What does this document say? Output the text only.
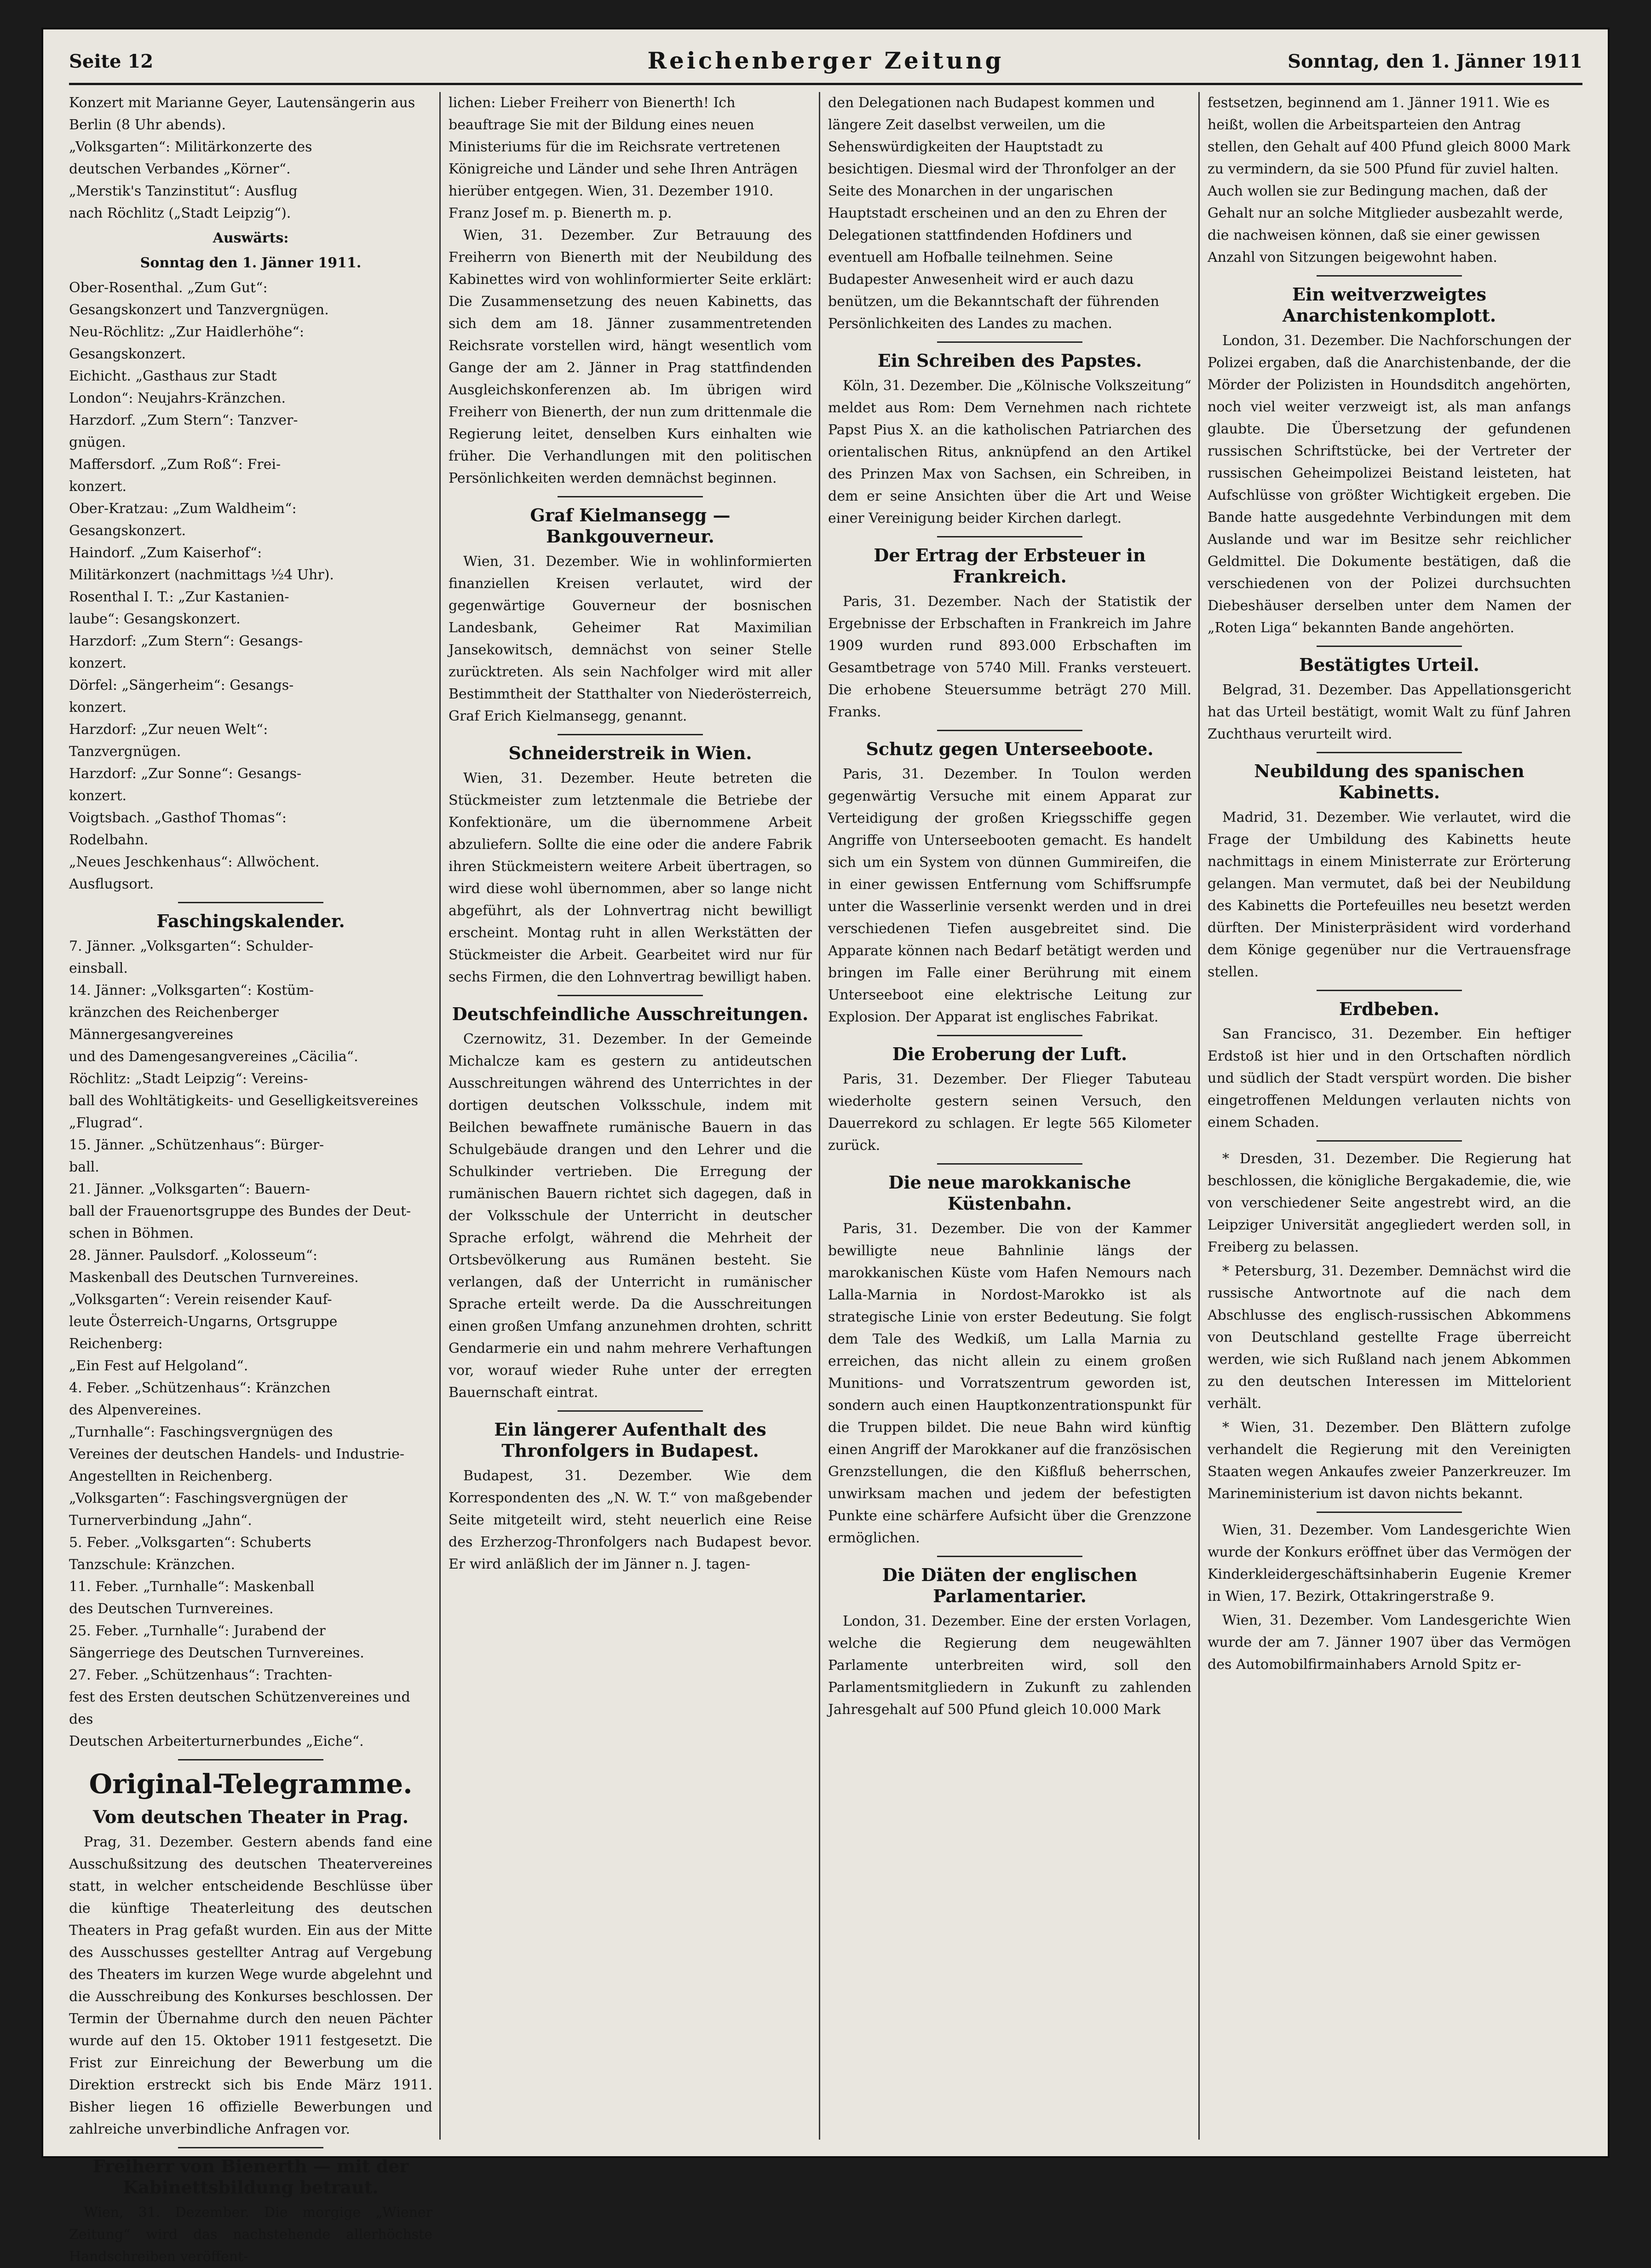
Seite 12	Reichenberger Zeitung	Sonntag, den 1. Jänner 1911

Konzert mit Marianne Geyer, Lautensängerin aus

Berlin (8 Uhr abends).

„Volksgarten“: Militärkonzerte des

deutschen Verbandes „Körner“.

„Merstik's Tanzinstitut“: Ausflug

nach Röchlitz („Stadt Leipzig“).

Auswärts:

Sonntag den 1. Jänner 1911.

Ober-Rosenthal. „Zum Gut“:

Gesangskonzert und Tanzvergnügen.

Neu-Röchlitz: „Zur Haidlerhöhe“:

Gesangskonzert.

Eichicht. „Gasthaus zur Stadt

London“: Neujahrs-Kränzchen.

Harzdorf. „Zum Stern“: Tanzver-

gnügen.

Maffersdorf. „Zum Roß“: Frei-

konzert.

Ober-Kratzau: „Zum Waldheim“:

Gesangskonzert.

Haindorf. „Zum Kaiserhof“:

Militärkonzert (nachmittags ½4 Uhr).

Rosenthal I. T.: „Zur Kastanien-

laube“: Gesangskonzert.

Harzdorf: „Zum Stern“: Gesangs-

konzert.

Dörfel: „Sängerheim“: Gesangs-

konzert.

Harzdorf: „Zur neuen Welt“:

Tanzvergnügen.

Harzdorf: „Zur Sonne“: Gesangs-

konzert.

Voigtsbach. „Gasthof Thomas“:

Rodelbahn.

„Neues Jeschkenhaus“: Allwöchent.

Ausflugsort.

Faschingskalender.

7. Jänner. „Volksgarten“: Schulder-

einsball.

14. Jänner: „Volksgarten“: Kostüm-

kränzchen des Reichenberger Männergesangvereines

und des Damengesangvereines „Cäcilia“.

Röchlitz: „Stadt Leipzig“: Vereins-

ball des Wohltätigkeits- und Geselligkeitsvereines

„Flugrad“.

15. Jänner. „Schützenhaus“: Bürger-

ball.

21. Jänner. „Volksgarten“: Bauern-

ball der Frauenortsgruppe des Bundes der Deut-

schen in Böhmen.

28. Jänner. Paulsdorf. „Kolosseum“:

Maskenball des Deutschen Turnvereines.

„Volksgarten“: Verein reisender Kauf-

leute Österreich-Ungarns, Ortsgruppe Reichenberg:

„Ein Fest auf Helgoland“.

4. Feber. „Schützenhaus“: Kränzchen

des Alpenvereines.

„Turnhalle“: Faschingsvergnügen des

Vereines der deutschen Handels- und Industrie-

Angestellten in Reichenberg.

„Volksgarten“: Faschingsvergnügen der

Turnerverbindung „Jahn“.

5. Feber. „Volksgarten“: Schuberts

Tanzschule: Kränzchen.

11. Feber. „Turnhalle“: Maskenball

des Deutschen Turnvereines.

25. Feber. „Turnhalle“: Jurabend der

Sängerriege des Deutschen Turnvereines.

27. Feber. „Schützenhaus“: Trachten-

fest des Ersten deutschen Schützenvereines und des

Deutschen Arbeiterturnerbundes „Eiche“.

Original-Telegramme.
Vom deutschen Theater in Prag.

Prag, 31. Dezember. Gestern abends fand eine Ausschußsitzung des deutschen Theatervereines statt, in welcher entscheidende Beschlüsse über die künftige Theaterleitung des deutschen Theaters in Prag gefaßt wurden. Ein aus der Mitte des Ausschusses gestellter Antrag auf Vergebung des Theaters im kurzen Wege wurde abgelehnt und die Ausschreibung des Konkurses beschlossen. Der Termin der Übernahme durch den neuen Pächter wurde auf den 15. Oktober 1911 festgesetzt. Die Frist zur Einreichung der Bewerbung um die Direktion erstreckt sich bis Ende März 1911. Bisher liegen 16 offizielle Bewerbungen und zahlreiche unverbindliche Anfragen vor.

Freiherr von Bienerth — mit der Kabinettsbildung betraut.

Wien, 31. Dezember. Die morgige „Wiener Zeitung“ wird das nachstehende allerhöchste Handschreiben veröffent-

lichen: Lieber Freiherr von Bienerth! Ich beauftrage Sie mit der Bildung eines neuen Ministeriums für die im Reichsrate vertretenen Königreiche und Länder und sehe Ihren Anträgen hierüber entgegen. Wien, 31. Dezember 1910. Franz Josef m. p. Bienerth m. p.

Wien, 31. Dezember. Zur Betrauung des Freiherrn von Bienerth mit der Neubildung des Kabinettes wird von wohlinformierter Seite erklärt: Die Zusammensetzung des neuen Kabinetts, das sich dem am 18. Jänner zusammentretenden Reichsrate vorstellen wird, hängt wesentlich vom Gange der am 2. Jänner in Prag stattfindenden Ausgleichskonferenzen ab. Im übrigen wird Freiherr von Bienerth, der nun zum drittenmale die Regierung leitet, denselben Kurs einhalten wie früher. Die Verhandlungen mit den politischen Persönlichkeiten werden demnächst beginnen.

Graf Kielmansegg — Bankgouverneur.

Wien, 31. Dezember. Wie in wohlinformierten finanziellen Kreisen verlautet, wird der gegenwärtige Gouverneur der bosnischen Landesbank, Geheimer Rat Maximilian Jansekowitsch, demnächst von seiner Stelle zurücktreten. Als sein Nachfolger wird mit aller Bestimmtheit der Statthalter von Niederösterreich, Graf Erich Kielmansegg, genannt.

Schneiderstreik in Wien.

Wien, 31. Dezember. Heute betreten die Stückmeister zum letztenmale die Betriebe der Konfektionäre, um die übernommene Arbeit abzuliefern. Sollte die eine oder die andere Fabrik ihren Stückmeistern weitere Arbeit übertragen, so wird diese wohl übernommen, aber so lange nicht abgeführt, als der Lohnvertrag nicht bewilligt erscheint. Montag ruht in allen Werkstätten der Stückmeister die Arbeit. Gearbeitet wird nur für sechs Firmen, die den Lohnvertrag bewilligt haben.

Deutschfeindliche Ausschreitungen.

Czernowitz, 31. Dezember. In der Gemeinde Michalcze kam es gestern zu antideutschen Ausschreitungen während des Unterrichtes in der dortigen deutschen Volksschule, indem mit Beilchen bewaffnete rumänische Bauern in das Schulgebäude drangen und den Lehrer und die Schulkinder vertrieben. Die Erregung der rumänischen Bauern richtet sich dagegen, daß in der Volksschule der Unterricht in deutscher Sprache erfolgt, während die Mehrheit der Ortsbevölkerung aus Rumänen besteht. Sie verlangen, daß der Unterricht in rumänischer Sprache erteilt werde. Da die Ausschreitungen einen großen Umfang anzunehmen drohten, schritt Gendarmerie ein und nahm mehrere Verhaftungen vor, worauf wieder Ruhe unter der erregten Bauernschaft eintrat.

Ein längerer Aufenthalt des Thronfolgers in Budapest.

Budapest, 31. Dezember. Wie dem Korrespondenten des „N. W. T.“ von maßgebender Seite mitgeteilt wird, steht neuerlich eine Reise des Erzherzog-Thronfolgers nach Budapest bevor. Er wird anläßlich der im Jänner n. J. tagen-

den Delegationen nach Budapest kommen und längere Zeit daselbst verweilen, um die Sehenswürdigkeiten der Hauptstadt zu besichtigen. Diesmal wird der Thronfolger an der Seite des Monarchen in der ungarischen Hauptstadt erscheinen und an den zu Ehren der Delegationen stattfindenden Hofdiners und eventuell am Hofballe teilnehmen. Seine Budapester Anwesenheit wird er auch dazu benützen, um die Bekanntschaft der führenden Persönlichkeiten des Landes zu machen.

Ein Schreiben des Papstes.

Köln, 31. Dezember. Die „Kölnische Volkszeitung“ meldet aus Rom: Dem Vernehmen nach richtete Papst Pius X. an die katholischen Patriarchen des orientalischen Ritus, anknüpfend an den Artikel des Prinzen Max von Sachsen, ein Schreiben, in dem er seine Ansichten über die Art und Weise einer Vereinigung beider Kirchen darlegt.

Der Ertrag der Erbsteuer in Frankreich.

Paris, 31. Dezember. Nach der Statistik der Ergebnisse der Erbschaften in Frankreich im Jahre 1909 wurden rund 893.000 Erbschaften im Gesamtbetrage von 5740 Mill. Franks versteuert. Die erhobene Steuersumme beträgt 270 Mill. Franks.

Schutz gegen Unterseeboote.

Paris, 31. Dezember. In Toulon werden gegenwärtig Versuche mit einem Apparat zur Verteidigung der großen Kriegsschiffe gegen Angriffe von Unterseebooten gemacht. Es handelt sich um ein System von dünnen Gummireifen, die in einer gewissen Entfernung vom Schiffsrumpfe unter die Wasserlinie versenkt werden und in drei verschiedenen Tiefen ausgebreitet sind. Die Apparate können nach Bedarf betätigt werden und bringen im Falle einer Berührung mit einem Unterseeboot eine elektrische Leitung zur Explosion. Der Apparat ist englisches Fabrikat.

Die Eroberung der Luft.

Paris, 31. Dezember. Der Flieger Tabuteau wiederholte gestern seinen Versuch, den Dauerrekord zu schlagen. Er legte 565 Kilometer zurück.

Die neue marokkanische Küstenbahn.

Paris, 31. Dezember. Die von der Kammer bewilligte neue Bahnlinie längs der marokkanischen Küste vom Hafen Nemours nach Lalla-Marnia in Nordost-Marokko ist als strategische Linie von erster Bedeutung. Sie folgt dem Tale des Wedkiß, um Lalla Marnia zu erreichen, das nicht allein zu einem großen Munitions- und Vorratszentrum geworden ist, sondern auch einen Hauptkonzentrationspunkt für die Truppen bildet. Die neue Bahn wird künftig einen Angriff der Marokkaner auf die französischen Grenzstellungen, die den Kißfluß beherrschen, unwirksam machen und jedem der befestigten Punkte eine schärfere Aufsicht über die Grenzzone ermöglichen.

Die Diäten der englischen Parlamentarier.

London, 31. Dezember. Eine der ersten Vorlagen, welche die Regierung dem neugewählten Parlamente unterbreiten wird, soll den Parlamentsmitgliedern in Zukunft zu zahlenden Jahresgehalt auf 500 Pfund gleich 10.000 Mark

festsetzen, beginnend am 1. Jänner 1911. Wie es heißt, wollen die Arbeitsparteien den Antrag stellen, den Gehalt auf 400 Pfund gleich 8000 Mark zu vermindern, da sie 500 Pfund für zuviel halten. Auch wollen sie zur Bedingung machen, daß der Gehalt nur an solche Mitglieder ausbezahlt werde, die nachweisen können, daß sie einer gewissen Anzahl von Sitzungen beigewohnt haben.

Ein weitverzweigtes Anarchistenkomplott.

London, 31. Dezember. Die Nachforschungen der Polizei ergaben, daß die Anarchistenbande, der die Mörder der Polizisten in Houndsditch angehörten, noch viel weiter verzweigt ist, als man anfangs glaubte. Die Übersetzung der gefundenen russischen Schriftstücke, bei der Vertreter der russischen Geheimpolizei Beistand leisteten, hat Aufschlüsse von größter Wichtigkeit ergeben. Die Bande hatte ausgedehnte Verbindungen mit dem Auslande und war im Besitze sehr reichlicher Geldmittel. Die Dokumente bestätigen, daß die verschiedenen von der Polizei durchsuchten Diebeshäuser derselben unter dem Namen der „Roten Liga“ bekannten Bande angehörten.

Bestätigtes Urteil.

Belgrad, 31. Dezember. Das Appellationsgericht hat das Urteil bestätigt, womit Walt zu fünf Jahren Zuchthaus verurteilt wird.

Neubildung des spanischen Kabinetts.

Madrid, 31. Dezember. Wie verlautet, wird die Frage der Umbildung des Kabinetts heute nachmittags in einem Ministerrate zur Erörterung gelangen. Man vermutet, daß bei der Neubildung des Kabinetts die Portefeuilles neu besetzt werden dürften. Der Ministerpräsident wird vorderhand dem Könige gegenüber nur die Vertrauensfrage stellen.

Erdbeben.

San Francisco, 31. Dezember. Ein heftiger Erdstoß ist hier und in den Ortschaften nördlich und südlich der Stadt verspürt worden. Die bisher eingetroffenen Meldungen verlauten nichts von einem Schaden.

* Dresden, 31. Dezember. Die Regierung hat beschlossen, die königliche Bergakademie, die, wie von verschiedener Seite angestrebt wird, an die Leipziger Universität angegliedert werden soll, in Freiberg zu belassen.

* Petersburg, 31. Dezember. Demnächst wird die russische Antwortnote auf die nach dem Abschlusse des englisch-russischen Abkommens von Deutschland gestellte Frage überreicht werden, wie sich Rußland nach jenem Abkommen zu den deutschen Interessen im Mittelorient verhält.

* Wien, 31. Dezember. Den Blättern zufolge verhandelt die Regierung mit den Vereinigten Staaten wegen Ankaufes zweier Panzerkreuzer. Im Marineministerium ist davon nichts bekannt.

Wien, 31. Dezember. Vom Landesgerichte Wien wurde der Konkurs eröffnet über das Vermögen der Kinderkleidergeschäftsinhaberin Eugenie Kremer in Wien, 17. Bezirk, Ottakringerstraße 9.

Wien, 31. Dezember. Vom Landesgerichte Wien wurde der am 7. Jänner 1907 über das Vermögen des Automobilfirmainhabers Arnold Spitz er-
